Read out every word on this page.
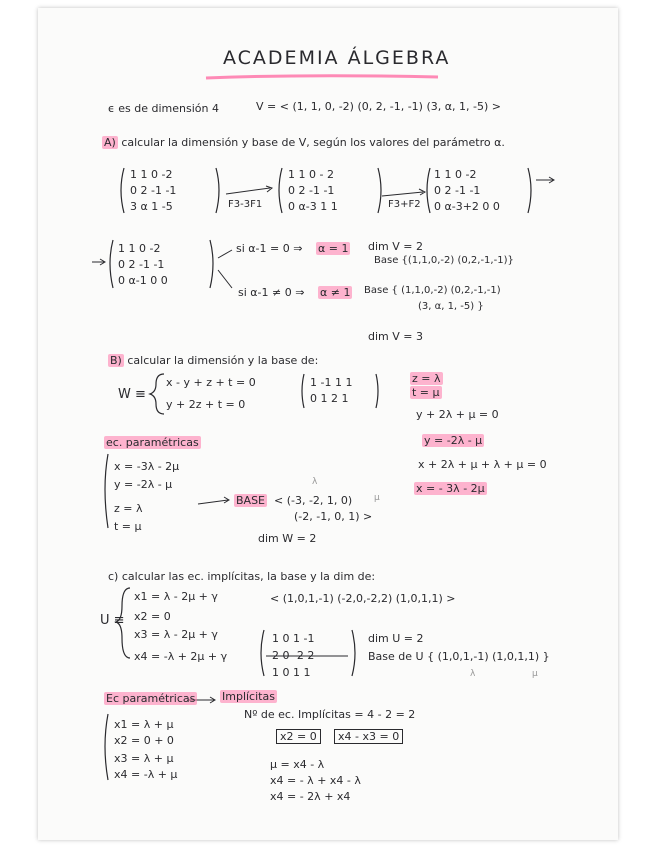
ACADEMIA ÁLGEBRA
ϵ es de dimensión 4	V = < (1, 1, 0, -2) (0, 2, -1, -1) (3, α, 1, -5) >
A) calcular la dimensión y base de V, según los valores del parámetro α.
1 1 0 -2
0 2 -1 -1
3 α 1 -5	F3-3F1
1 1 0 - 2
0 2 -1 -1
0 α-3 1 1	F3+F2
1 1 0 -2
0 2 -1 -1
0 α-3+2 0 0
1 1 0 -2
0 2 -1 -1
0 α-1 0 0
si α-1 = 0 ⇒ α = 1 dim V = 2
Base {(1,1,0,-2) (0,2,-1,-1)}
si α-1 ≠ 0 ⇒ α ≠ 1 Base { (1,1,0,-2) (0,2,-1,-1)
(3, α, 1, -5) }
dim V = 3
B) calcular la dimensión y la base de:
W ≡
x - y + z + t = 0
y + 2z + t = 0
1 -1 1 1
0 1 2 1
z = λ
t = μ
y + 2λ + μ = 0
y = -2λ - μ
x + 2λ + μ + λ + μ = 0
x = - 3λ - 2μ
ec. paramétricas
x = -3λ - 2μ
y = -2λ - μ
z = λ
t = μ
BASE < (-3, -2, 1, 0)
(-2, -1, 0, 1) >
λ
μ
dim W = 2
c) calcular las ec. implícitas, la base y la dim de:
U ≡
x1 = λ - 2μ + γ
x2 = 0
x3 = λ - 2μ + γ
x4 = -λ + 2μ + γ
< (1,0,1,-1) (-2,0,-2,2) (1,0,1,1) >
1 0 1 -1
-2 0 -2 2
1 0 1 1
dim U = 2
Base de U { (1,0,1,-1) (1,0,1,1) }
λ	μ
Ec paramétricas Implícitas
Nº de ec. Implícitas = 4 - 2 = 2
x1 = λ + μ
x2 = 0 + 0
x3 = λ + μ
x4 = -λ + μ
x2 = 0	x4 - x3 = 0
μ = x4 - λ
x4 = - λ + x4 - λ
x4 = - 2λ + x4
